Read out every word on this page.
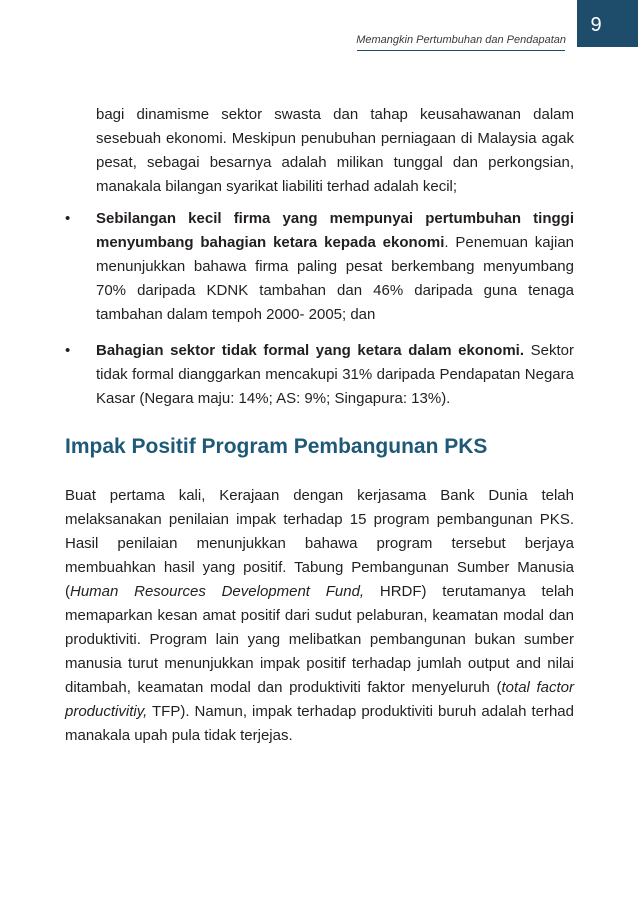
Memangkin Pertumbuhan dan Pendapatan
9

bagi dinamisme sektor swasta dan tahap keusahawanan dalam sesebuah ekonomi. Meskipun penubuhan perniagaan di Malaysia agak pesat, sebagai besarnya adalah milikan tunggal dan perkongsian, manakala bilangan syarikat liabiliti terhad adalah kecil;

• Sebilangan kecil firma yang mempunyai pertumbuhan tinggi menyumbang bahagian ketara kepada ekonomi. Penemuan kajian menunjukkan bahawa firma paling pesat berkembang menyumbang 70% daripada KDNK tambahan dan 46% daripada guna tenaga tambahan dalam tempoh 2000- 2005; dan

• Bahagian sektor tidak formal yang ketara dalam ekonomi. Sektor tidak formal dianggarkan mencakupi 31% daripada Pendapatan Negara Kasar (Negara maju: 14%; AS: 9%; Singapura: 13%).

Impak Positif Program Pembangunan PKS

Buat pertama kali, Kerajaan dengan kerjasama Bank Dunia telah melaksanakan penilaian impak terhadap 15 program pembangunan PKS. Hasil penilaian menunjukkan bahawa program tersebut berjaya membuahkan hasil yang positif. Tabung Pembangunan Sumber Manusia (Human Resources Development Fund, HRDF) terutamanya telah memaparkan kesan amat positif dari sudut pelaburan, keamatan modal dan produktiviti. Program lain yang melibatkan pembangunan bukan sumber manusia turut menunjukkan impak positif terhadap jumlah output and nilai ditambah, keamatan modal dan produktiviti faktor menyeluruh (total factor productivitiy, TFP). Namun, impak terhadap produktiviti buruh adalah terhad manakala upah pula tidak terjejas.
